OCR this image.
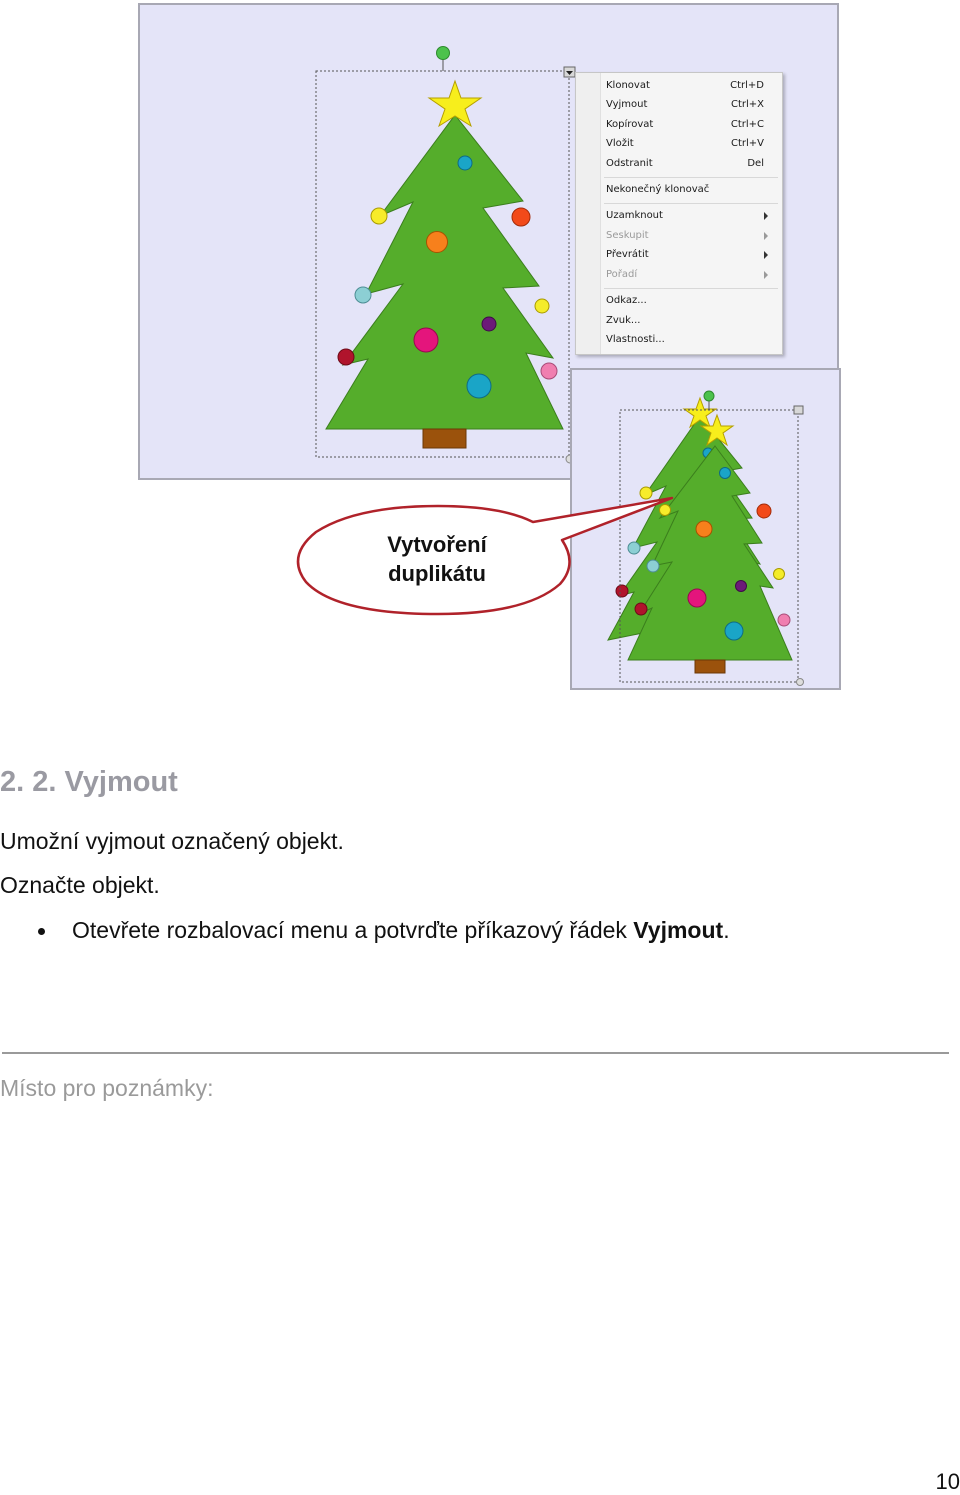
Klonovat	Ctrl+D
Vyjmout	Ctrl+X
Kopírovat	Ctrl+C
Vložit	Ctrl+V
Odstranit	Del
Nekonečný klonovač
Uzamknout
Seskupit
Převrátit
Pořadí
Odkaz...
Zvuk...
Vlastnosti...
Vytvoření
duplikátu
2. 2. Vyjmout
Umožní vyjmout označený objekt.
Označte objekt.
Otevřete rozbalovací menu a potvrďte příkazový řádek Vyjmout.
Místo pro poznámky:
10
